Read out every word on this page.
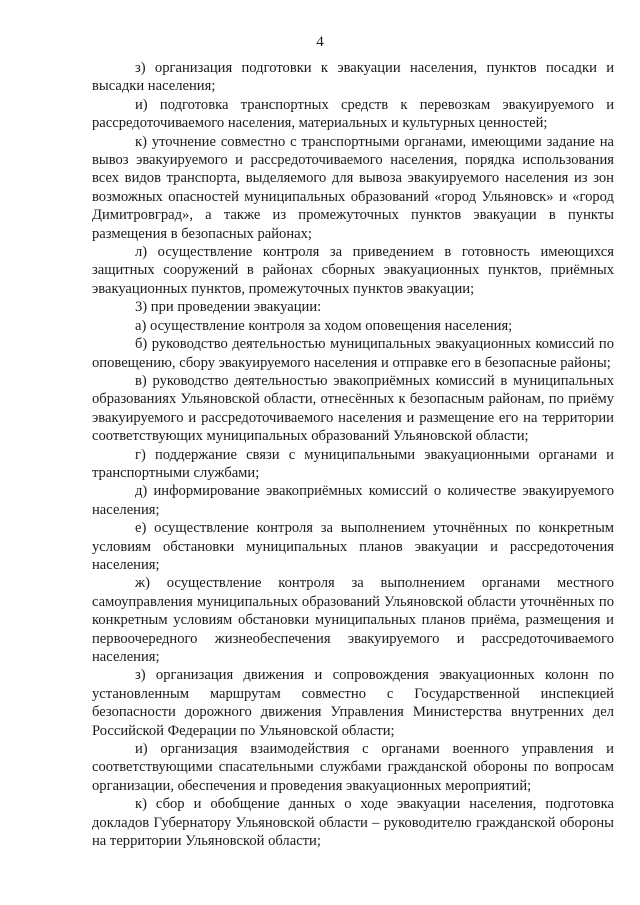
4

з) организация подготовки к эвакуации населения, пунктов посадки и высадки населения;

и) подготовка транспортных средств к перевозкам эвакуируемого и рассредоточиваемого населения, материальных и культурных ценностей;

к) уточнение совместно с транспортными органами, имеющими задание на вывоз эвакуируемого и рассредоточиваемого населения, порядка использования всех видов транспорта, выделяемого для вывоза эвакуируемого населения из зон возможных опасностей муниципальных образований «город Ульяновск» и «город Димитровград», а также из промежуточных пунктов эвакуации в пункты размещения в безопасных районах;

л) осуществление контроля за приведением в готовность имеющихся защитных сооружений в районах сборных эвакуационных пунктов, приёмных эвакуационных пунктов, промежуточных пунктов эвакуации;

3) при проведении эвакуации:

а) осуществление контроля за ходом оповещения населения;

б) руководство деятельностью муниципальных эвакуационных комиссий по оповещению, сбору эвакуируемого населения и отправке его в безопасные районы;

в) руководство деятельностью эвакоприёмных комиссий в муниципальных образованиях Ульяновской области, отнесённых к безопасным районам, по приёму эвакуируемого и рассредоточиваемого населения и размещение его на территории соответствующих муниципальных образований Ульяновской области;

г) поддержание связи с муниципальными эвакуационными органами и транспортными службами;

д) информирование эвакоприёмных комиссий о количестве эвакуируемого населения;

е) осуществление контроля за выполнением уточнённых по конкретным условиям обстановки муниципальных планов эвакуации и рассредоточения населения;

ж) осуществление контроля за выполнением органами местного самоуправления муниципальных образований Ульяновской области уточнённых по конкретным условиям обстановки муниципальных планов приёма, размещения и первоочередного жизнеобеспечения эвакуируемого и рассредоточиваемого населения;

з) организация движения и сопровождения эвакуационных колонн по установленным маршрутам совместно с Государственной инспекцией безопасности дорожного движения Управления Министерства внутренних дел Российской Федерации по Ульяновской области;

и) организация взаимодействия с органами военного управления и соответствующими спасательными службами гражданской обороны по вопросам организации, обеспечения и проведения эвакуационных мероприятий;

к) сбор и обобщение данных о ходе эвакуации населения, подготовка докладов Губернатору Ульяновской области – руководителю гражданской обороны на территории Ульяновской области;
